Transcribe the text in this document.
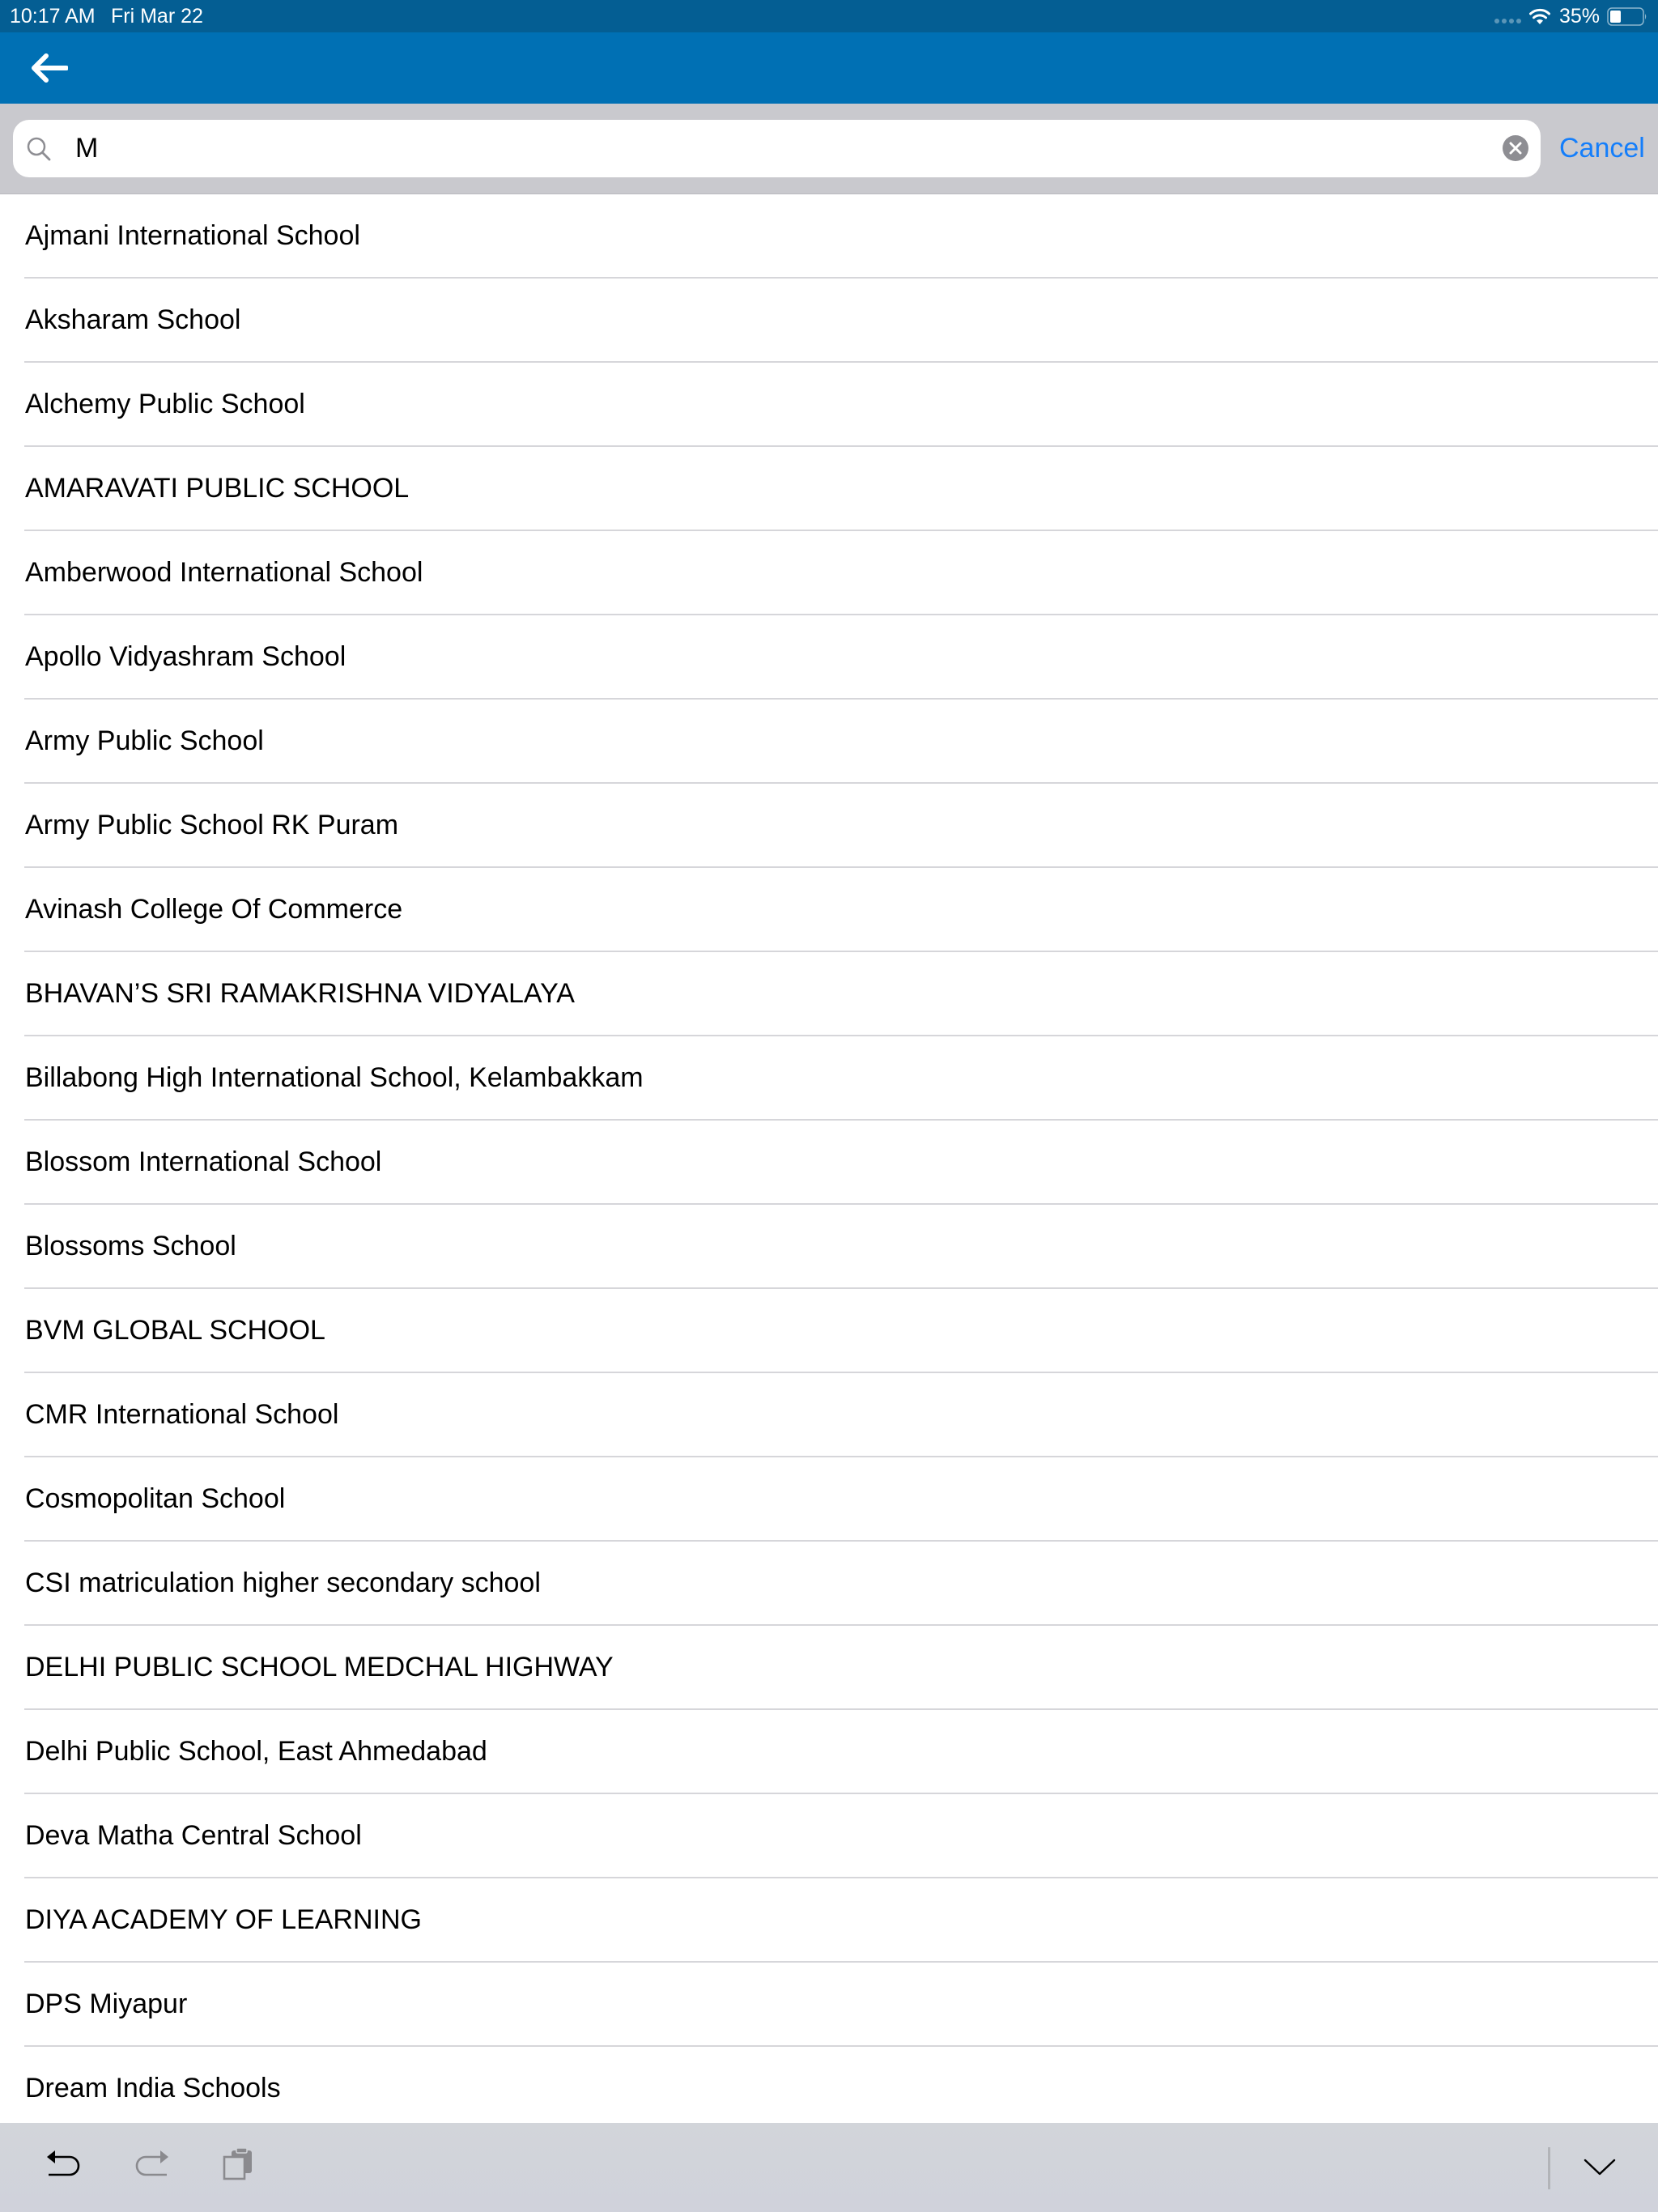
10:17 AM Fri Mar 22	35%
M
Cancel
Ajmani International School
Aksharam School
Alchemy Public School
AMARAVATI PUBLIC SCHOOL
Amberwood International School
Apollo Vidyashram School
Army Public School
Army Public School RK Puram
Avinash College Of Commerce
BHAVAN’S SRI RAMAKRISHNA VIDYALAYA
Billabong High International School, Kelambakkam
Blossom International School
Blossoms School
BVM GLOBAL SCHOOL
CMR International School
Cosmopolitan School
CSI matriculation higher secondary school
DELHI PUBLIC SCHOOL MEDCHAL HIGHWAY
Delhi Public School, East Ahmedabad
Deva Matha Central School
DIYA ACADEMY OF LEARNING
DPS Miyapur
Dream India Schools
